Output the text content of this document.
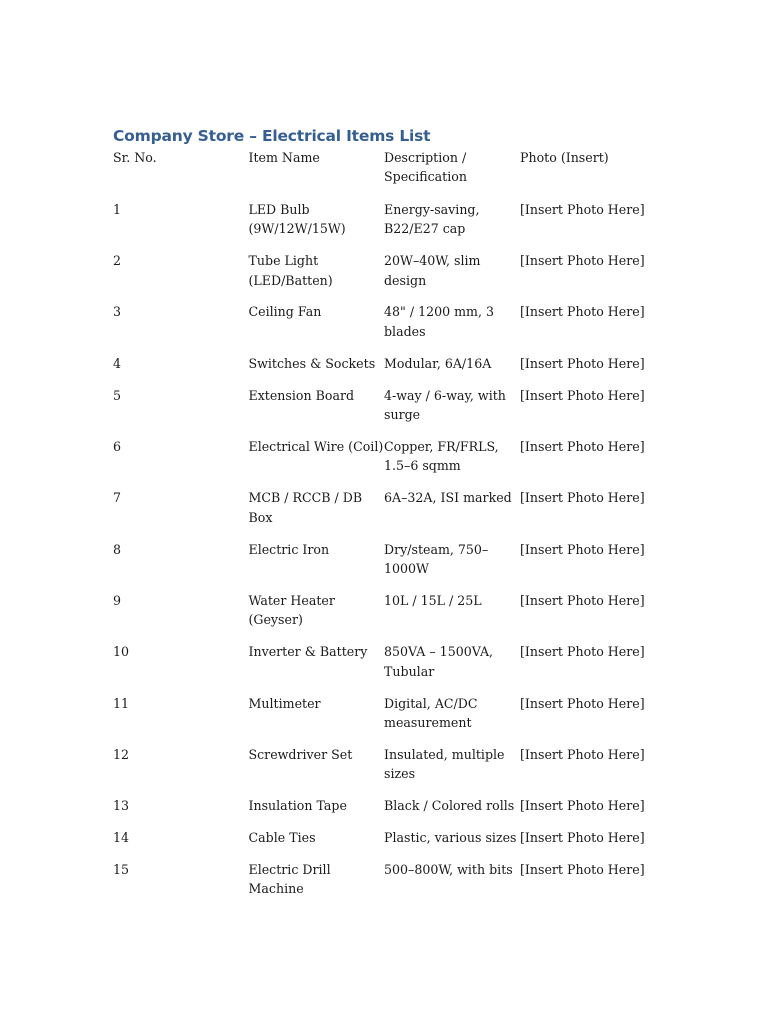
Company Store – Electrical Items List
Sr. No.	Item Name	Description / Specification	Photo (Insert)
1	LED Bulb (9W/12W/15W)	Energy-saving, B22/E27 cap	[Insert Photo Here]
2	Tube Light (LED/Batten)	20W–40W, slim design	[Insert Photo Here]
3	Ceiling Fan	48" / 1200 mm, 3 blades	[Insert Photo Here]
4	Switches & Sockets	Modular, 6A/16A	[Insert Photo Here]
5	Extension Board	4-way / 6-way, with surge	[Insert Photo Here]
6	Electrical Wire (Coil)	Copper, FR/FRLS, 1.5–6 sqmm	[Insert Photo Here]
7	MCB / RCCB / DB Box	6A–32A, ISI marked	[Insert Photo Here]
8	Electric Iron	Dry/steam, 750–1000W	[Insert Photo Here]
9	Water Heater (Geyser)	10L / 15L / 25L	[Insert Photo Here]
10	Inverter & Battery	850VA – 1500VA, Tubular	[Insert Photo Here]
11	Multimeter	Digital, AC/DC measurement	[Insert Photo Here]
12	Screwdriver Set	Insulated, multiple sizes	[Insert Photo Here]
13	Insulation Tape	Black / Colored rolls	[Insert Photo Here]
14	Cable Ties	Plastic, various sizes	[Insert Photo Here]
15	Electric Drill Machine	500–800W, with bits	[Insert Photo Here]
